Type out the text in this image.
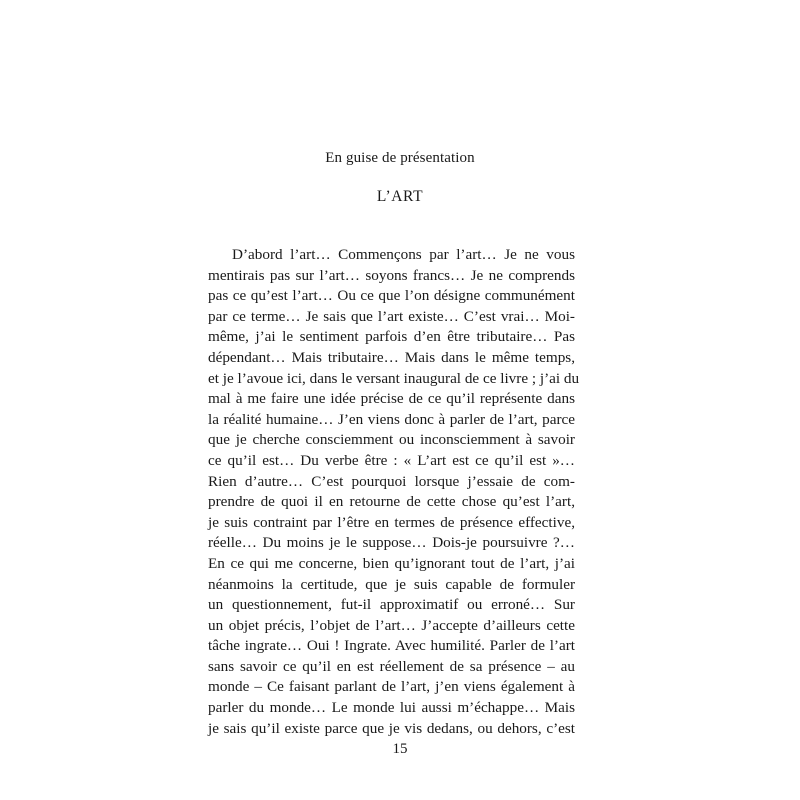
En guise de présentation
L’ART
D’abord l’art… Commençons par l’art… Je ne vous
mentirais pas sur l’art… soyons francs… Je ne comprends
pas ce qu’est l’art… Ou ce que l’on désigne communément
par ce terme… Je sais que l’art existe… C’est vrai… Moi-
même, j’ai le sentiment parfois d’en être tributaire… Pas
dépendant… Mais tributaire… Mais dans le même temps,
et je l’avoue ici, dans le versant inaugural de ce livre ; j’ai du
mal à me faire une idée précise de ce qu’il représente dans
la réalité humaine… J’en viens donc à parler de l’art, parce
que je cherche consciemment ou inconsciemment à savoir
ce qu’il est… Du verbe être : « L’art est ce qu’il est »…
Rien d’autre… C’est pourquoi lorsque j’essaie de com-
prendre de quoi il en retourne de cette chose qu’est l’art,
je suis contraint par l’être en termes de présence effective,
réelle… Du moins je le suppose… Dois-je poursuivre ?…
En ce qui me concerne, bien qu’ignorant tout de l’art, j’ai
néanmoins la certitude, que je suis capable de formuler
un questionnement, fut-il approximatif ou erroné… Sur
un objet précis, l’objet de l’art… J’accepte d’ailleurs cette
tâche ingrate… Oui ! Ingrate. Avec humilité. Parler de l’art
sans savoir ce qu’il en est réellement de sa présence – au
monde – Ce faisant parlant de l’art, j’en viens également à
parler du monde… Le monde lui aussi m’échappe… Mais
je sais qu’il existe parce que je vis dedans, ou dehors, c’est
15
